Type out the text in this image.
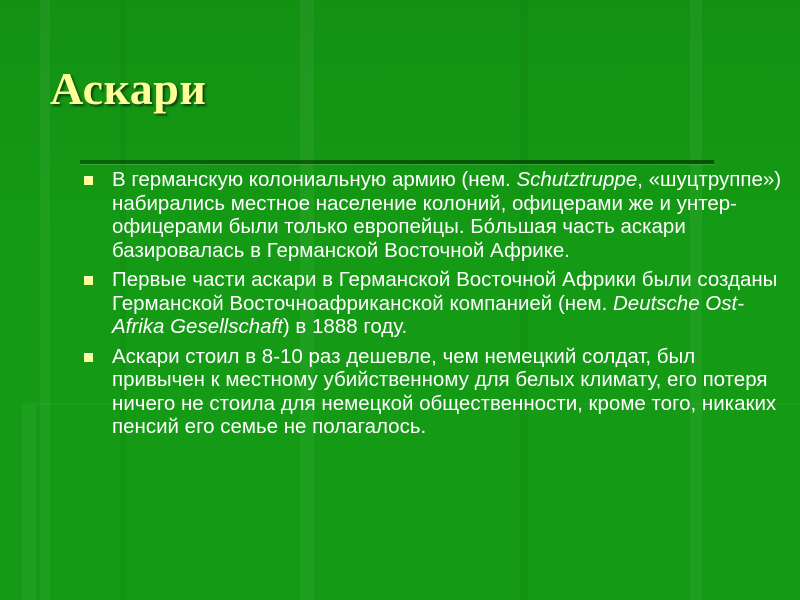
Аскари
В германскую колониальную армию (нем. Schutztruppe, «шуцтруппе») набирались местное население колоний, офицерами же и унтер-офицерами были только европейцы. Бо́льшая часть аскари базировалась в Германской Восточной Африке.
Первые части аскари в Германской Восточной Африки были созданы Германской Восточноафриканской компанией (нем. Deutsche Ost-Afrika Gesellschaft) в 1888 году.
Аскари стоил в 8-10 раз дешевле, чем немецкий солдат, был привычен к местному убийственному для белых климату, его потеря ничего не стоила для немецкой общественности, кроме того, никаких пенсий его семье не полагалось.
